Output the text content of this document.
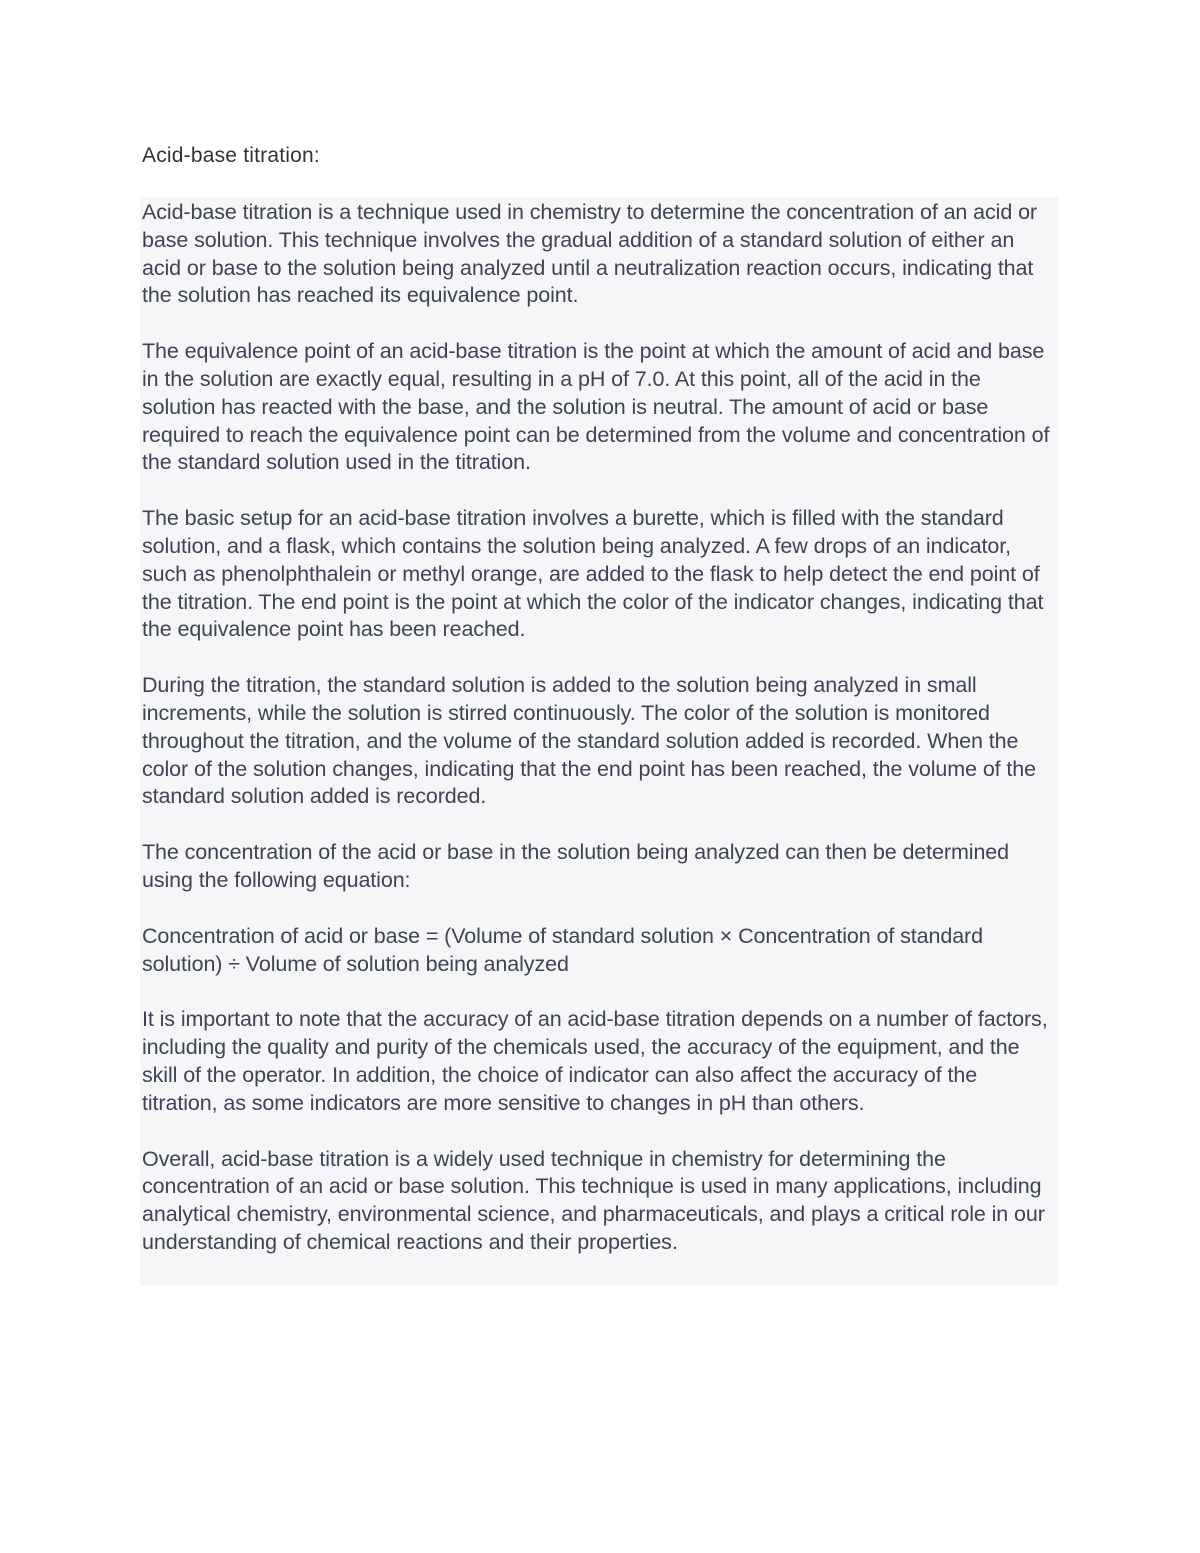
Acid-base titration:

Acid-base titration is a technique used in chemistry to determine the concentration of an acid or base solution. This technique involves the gradual addition of a standard solution of either an acid or base to the solution being analyzed until a neutralization reaction occurs, indicating that the solution has reached its equivalence point.

The equivalence point of an acid-base titration is the point at which the amount of acid and base in the solution are exactly equal, resulting in a pH of 7.0. At this point, all of the acid in the solution has reacted with the base, and the solution is neutral. The amount of acid or base required to reach the equivalence point can be determined from the volume and concentration of the standard solution used in the titration.

The basic setup for an acid-base titration involves a burette, which is filled with the standard solution, and a flask, which contains the solution being analyzed. A few drops of an indicator, such as phenolphthalein or methyl orange, are added to the flask to help detect the end point of the titration. The end point is the point at which the color of the indicator changes, indicating that the equivalence point has been reached.

During the titration, the standard solution is added to the solution being analyzed in small increments, while the solution is stirred continuously. The color of the solution is monitored throughout the titration, and the volume of the standard solution added is recorded. When the color of the solution changes, indicating that the end point has been reached, the volume of the standard solution added is recorded.

The concentration of the acid or base in the solution being analyzed can then be determined using the following equation:

Concentration of acid or base = (Volume of standard solution × Concentration of standard solution) ÷ Volume of solution being analyzed

It is important to note that the accuracy of an acid-base titration depends on a number of factors, including the quality and purity of the chemicals used, the accuracy of the equipment, and the skill of the operator. In addition, the choice of indicator can also affect the accuracy of the titration, as some indicators are more sensitive to changes in pH than others.

Overall, acid-base titration is a widely used technique in chemistry for determining the concentration of an acid or base solution. This technique is used in many applications, including analytical chemistry, environmental science, and pharmaceuticals, and plays a critical role in our understanding of chemical reactions and their properties.
